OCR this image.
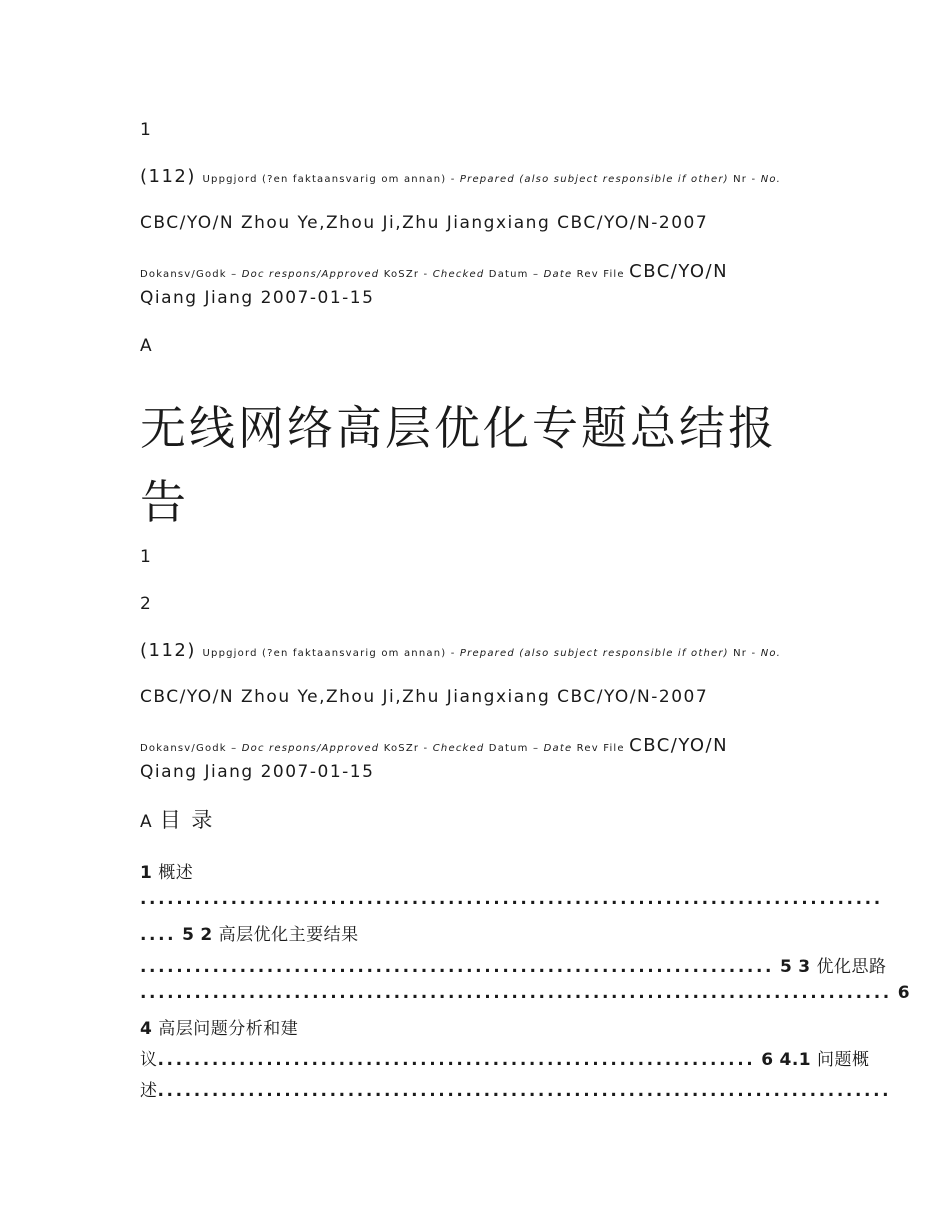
1
(112) Uppgjord (?en faktaansvarig om annan) - Prepared (also subject responsible if other) Nr - No.
CBC/YO/N Zhou Ye,Zhou Ji,Zhu Jiangxiang CBC/YO/N-2007
Dokansv/Godk – Doc respons/Approved KoSZr - Checked Datum – Date Rev File CBC/YO/N
Qiang Jiang 2007-01-15
A
无线网络高层优化专题总结报
告
1
2
(112) Uppgjord (?en faktaansvarig om annan) - Prepared (also subject responsible if other) Nr - No.
CBC/YO/N Zhou Ye,Zhou Ji,Zhu Jiangxiang CBC/YO/N-2007
Dokansv/Godk – Doc respons/Approved KoSZr - Checked Datum – Date Rev File CBC/YO/N
Qiang Jiang 2007-01-15
A 目 录
1 概述
..................................................................................
.... 5 2 高层优化主要结果
...................................................................... 5 3 优化思路
................................................................................... 6
4 高层问题分析和建
议.................................................................. 6 4.1 问题概
述.................................................................................
